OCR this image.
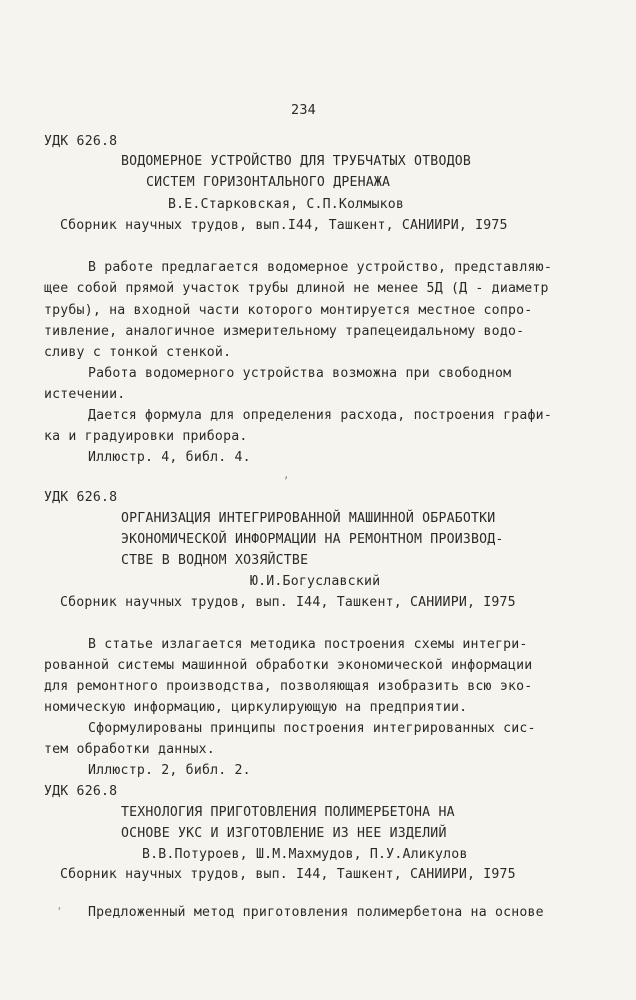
234
УДК 626.8
ВОДОМЕРНОЕ УСТРОЙСТВО ДЛЯ ТРУБЧАТЫХ ОТВОДОВ
СИСТЕМ ГОРИЗОНТАЛЬНОГО ДРЕНАЖА
В.Е.Старковская, С.П.Колмыков
Сборник научных трудов, вып.І44, Ташкент, САНИИРИ, І975
В работе предлагается водомерное устройство, представляю-
щее собой прямой участок трубы длиной не менее 5Д (Д - диаметр
трубы), на входной части которого монтируется местное сопро-
тивление, аналогичное измерительному трапецеидальному водо-
сливу с тонкой стенкой.
Работа водомерного устройства возможна при свободном
истечении.
Дается формула для определения расхода, построения графи-
ка и градуировки прибора.
Иллюстр. 4, библ. 4.
,
УДК 626.8
ОРГАНИЗАЦИЯ ИНТЕГРИРОВАННОЙ МАШИННОЙ ОБРАБОТКИ
ЭКОНОМИЧЕСКОЙ ИНФОРМАЦИИ НА РЕМОНТНОМ ПРОИЗВОД-
СТВЕ В ВОДНОМ ХОЗЯЙСТВЕ
Ю.И.Богуславский
Сборник научных трудов, вып. І44, Ташкент, САНИИРИ, І975
В статье излагается методика построения схемы интегри-
рованной системы машинной обработки экономической информации
для ремонтного производства, позволяющая изобразить всю эко-
номическую информацию, циркулирующую на предприятии.
Сформулированы принципы построения интегрированных сис-
тем обработки данных.
Иллюстр. 2, библ. 2.
УДК 626.8
ТЕХНОЛОГИЯ ПРИГОТОВЛЕНИЯ ПОЛИМЕРБЕТОНА НА
ОСНОВЕ УКС И ИЗГОТОВЛЕНИЕ ИЗ НЕЕ ИЗДЕЛИЙ
В.В.Потуроев, Ш.М.Махмудов, П.У.Аликулов
Сборник научных трудов, вып. І44, Ташкент, САНИИРИ, І975
' Предложенный метод приготовления полимербетона на основе
